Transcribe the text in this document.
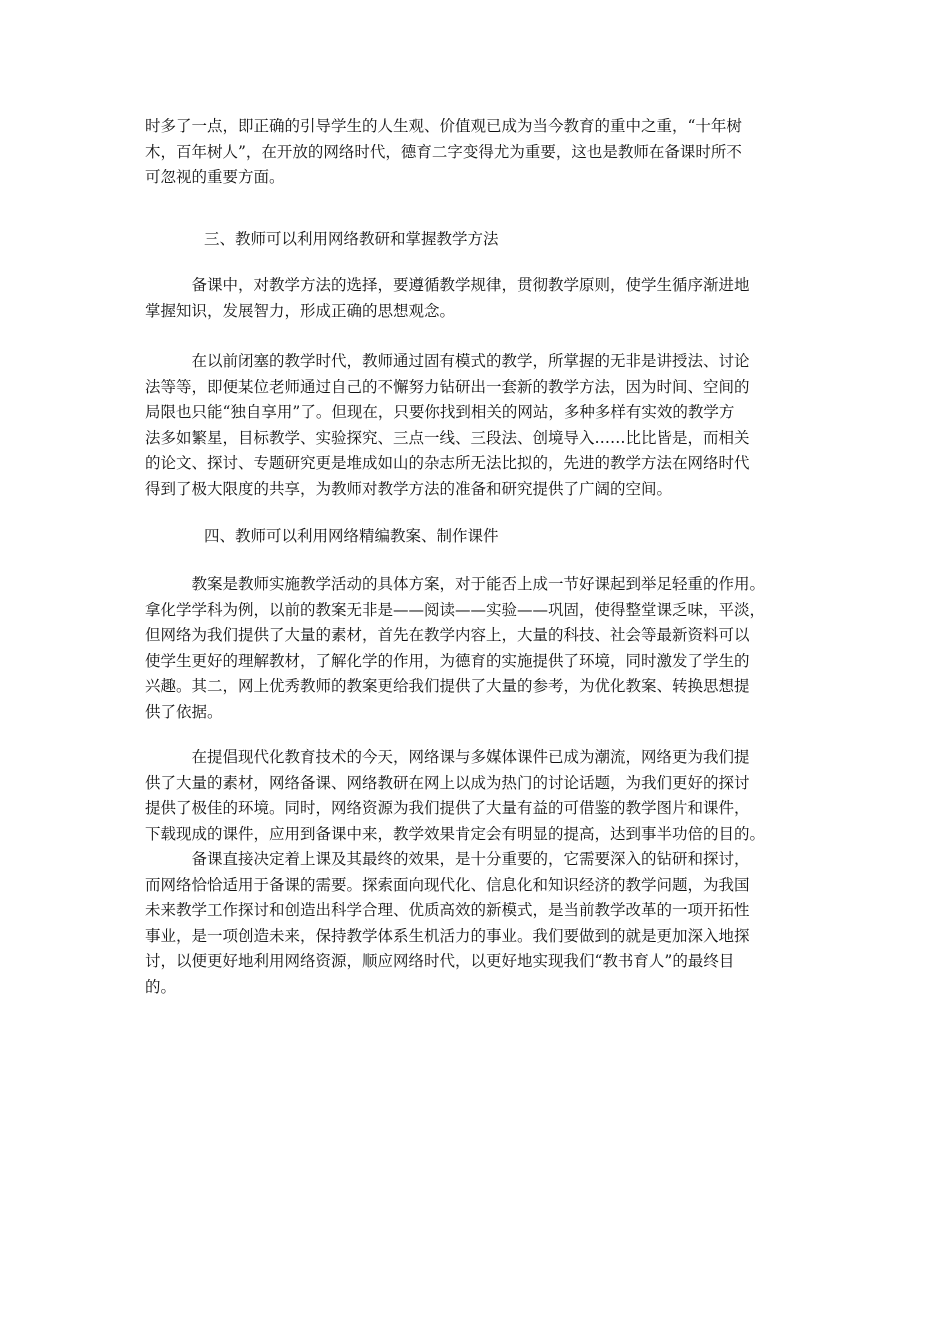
时多了一点，即正确的引导学生的人生观、价值观已成为当今教育的重中之重，“十年树
木，百年树人”，在开放的网络时代，德育二字变得尤为重要，这也是教师在备课时所不
可忽视的重要方面。
三、教师可以利用网络教研和掌握教学方法
　　　备课中，对教学方法的选择，要遵循教学规律，贯彻教学原则，使学生循序渐进地
掌握知识，发展智力，形成正确的思想观念。
　　　在以前闭塞的教学时代，教师通过固有模式的教学，所掌握的无非是讲授法、讨论
法等等，即便某位老师通过自己的不懈努力钻研出一套新的教学方法，因为时间、空间的
局限也只能“独自享用”了。但现在，只要你找到相关的网站，多种多样有实效的教学方
法多如繁星，目标教学、实验探究、三点一线、三段法、创境导入……比比皆是，而相关
的论文、探讨、专题研究更是堆成如山的杂志所无法比拟的，先进的教学方法在网络时代
得到了极大限度的共享，为教师对教学方法的准备和研究提供了广阔的空间。
四、教师可以利用网络精编教案、制作课件
　　　教案是教师实施教学活动的具体方案，对于能否上成一节好课起到举足轻重的作用。
拿化学学科为例，以前的教案无非是——阅读——实验——巩固，使得整堂课乏味，平淡，
但网络为我们提供了大量的素材，首先在教学内容上，大量的科技、社会等最新资料可以
使学生更好的理解教材，了解化学的作用，为德育的实施提供了环境，同时激发了学生的
兴趣。其二，网上优秀教师的教案更给我们提供了大量的参考，为优化教案、转换思想提
供了依据。
　　　在提倡现代化教育技术的今天，网络课与多媒体课件已成为潮流，网络更为我们提
供了大量的素材，网络备课、网络教研在网上以成为热门的讨论话题，为我们更好的探讨
提供了极佳的环境。同时，网络资源为我们提供了大量有益的可借鉴的教学图片和课件，
下载现成的课件，应用到备课中来，教学效果肯定会有明显的提高，达到事半功倍的目的。
　　　备课直接决定着上课及其最终的效果，是十分重要的，它需要深入的钻研和探讨，
而网络恰恰适用于备课的需要。探索面向现代化、信息化和知识经济的教学问题，为我国
未来教学工作探讨和创造出科学合理、优质高效的新模式，是当前教学改革的一项开拓性
事业，是一项创造未来，保持教学体系生机活力的事业。我们要做到的就是更加深入地探
讨，以便更好地利用网络资源，顺应网络时代，以更好地实现我们“教书育人”的最终目
的。
